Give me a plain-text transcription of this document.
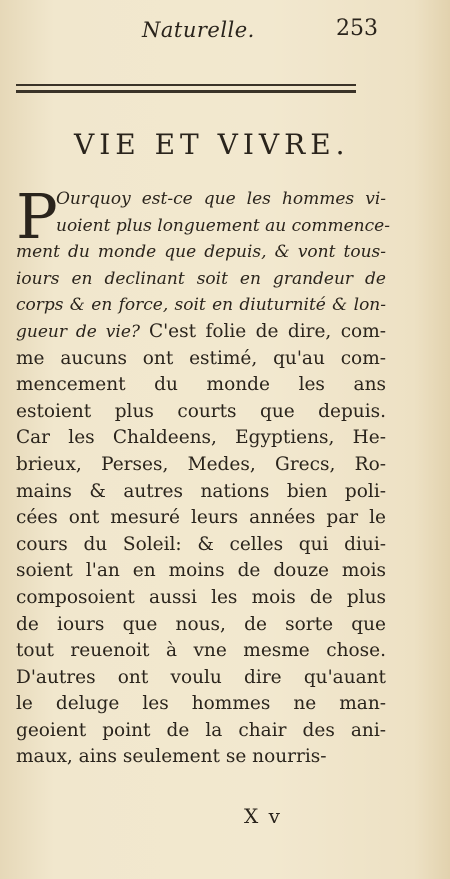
Naturelle.	253
VIE ET VIVRE.
P
Ourquoy est-ce que les hommes vi-
uoient plus longuement au commence-
ment du monde que depuis, & vont tous-
iours en declinant soit en grandeur de
corps & en force, soit en diuturnité & lon-
gueur de vie? C'est folie de dire, com-
me aucuns ont estimé, qu'au com-
mencement du monde les ans
estoient plus courts que depuis.
Car les Chaldeens, Egyptiens, He-
brieux, Perses, Medes, Grecs, Ro-
mains & autres nations bien poli-
cées ont mesuré leurs années par le
cours du Soleil: & celles qui diui-
soient l'an en moins de douze mois
composoient aussi les mois de plus
de iours que nous, de sorte que
tout reuenoit à vne mesme chose.
D'autres ont voulu dire qu'auant
le deluge les hommes ne man-
geoient point de la chair des ani-
maux, ains seulement se nourris-
X v
